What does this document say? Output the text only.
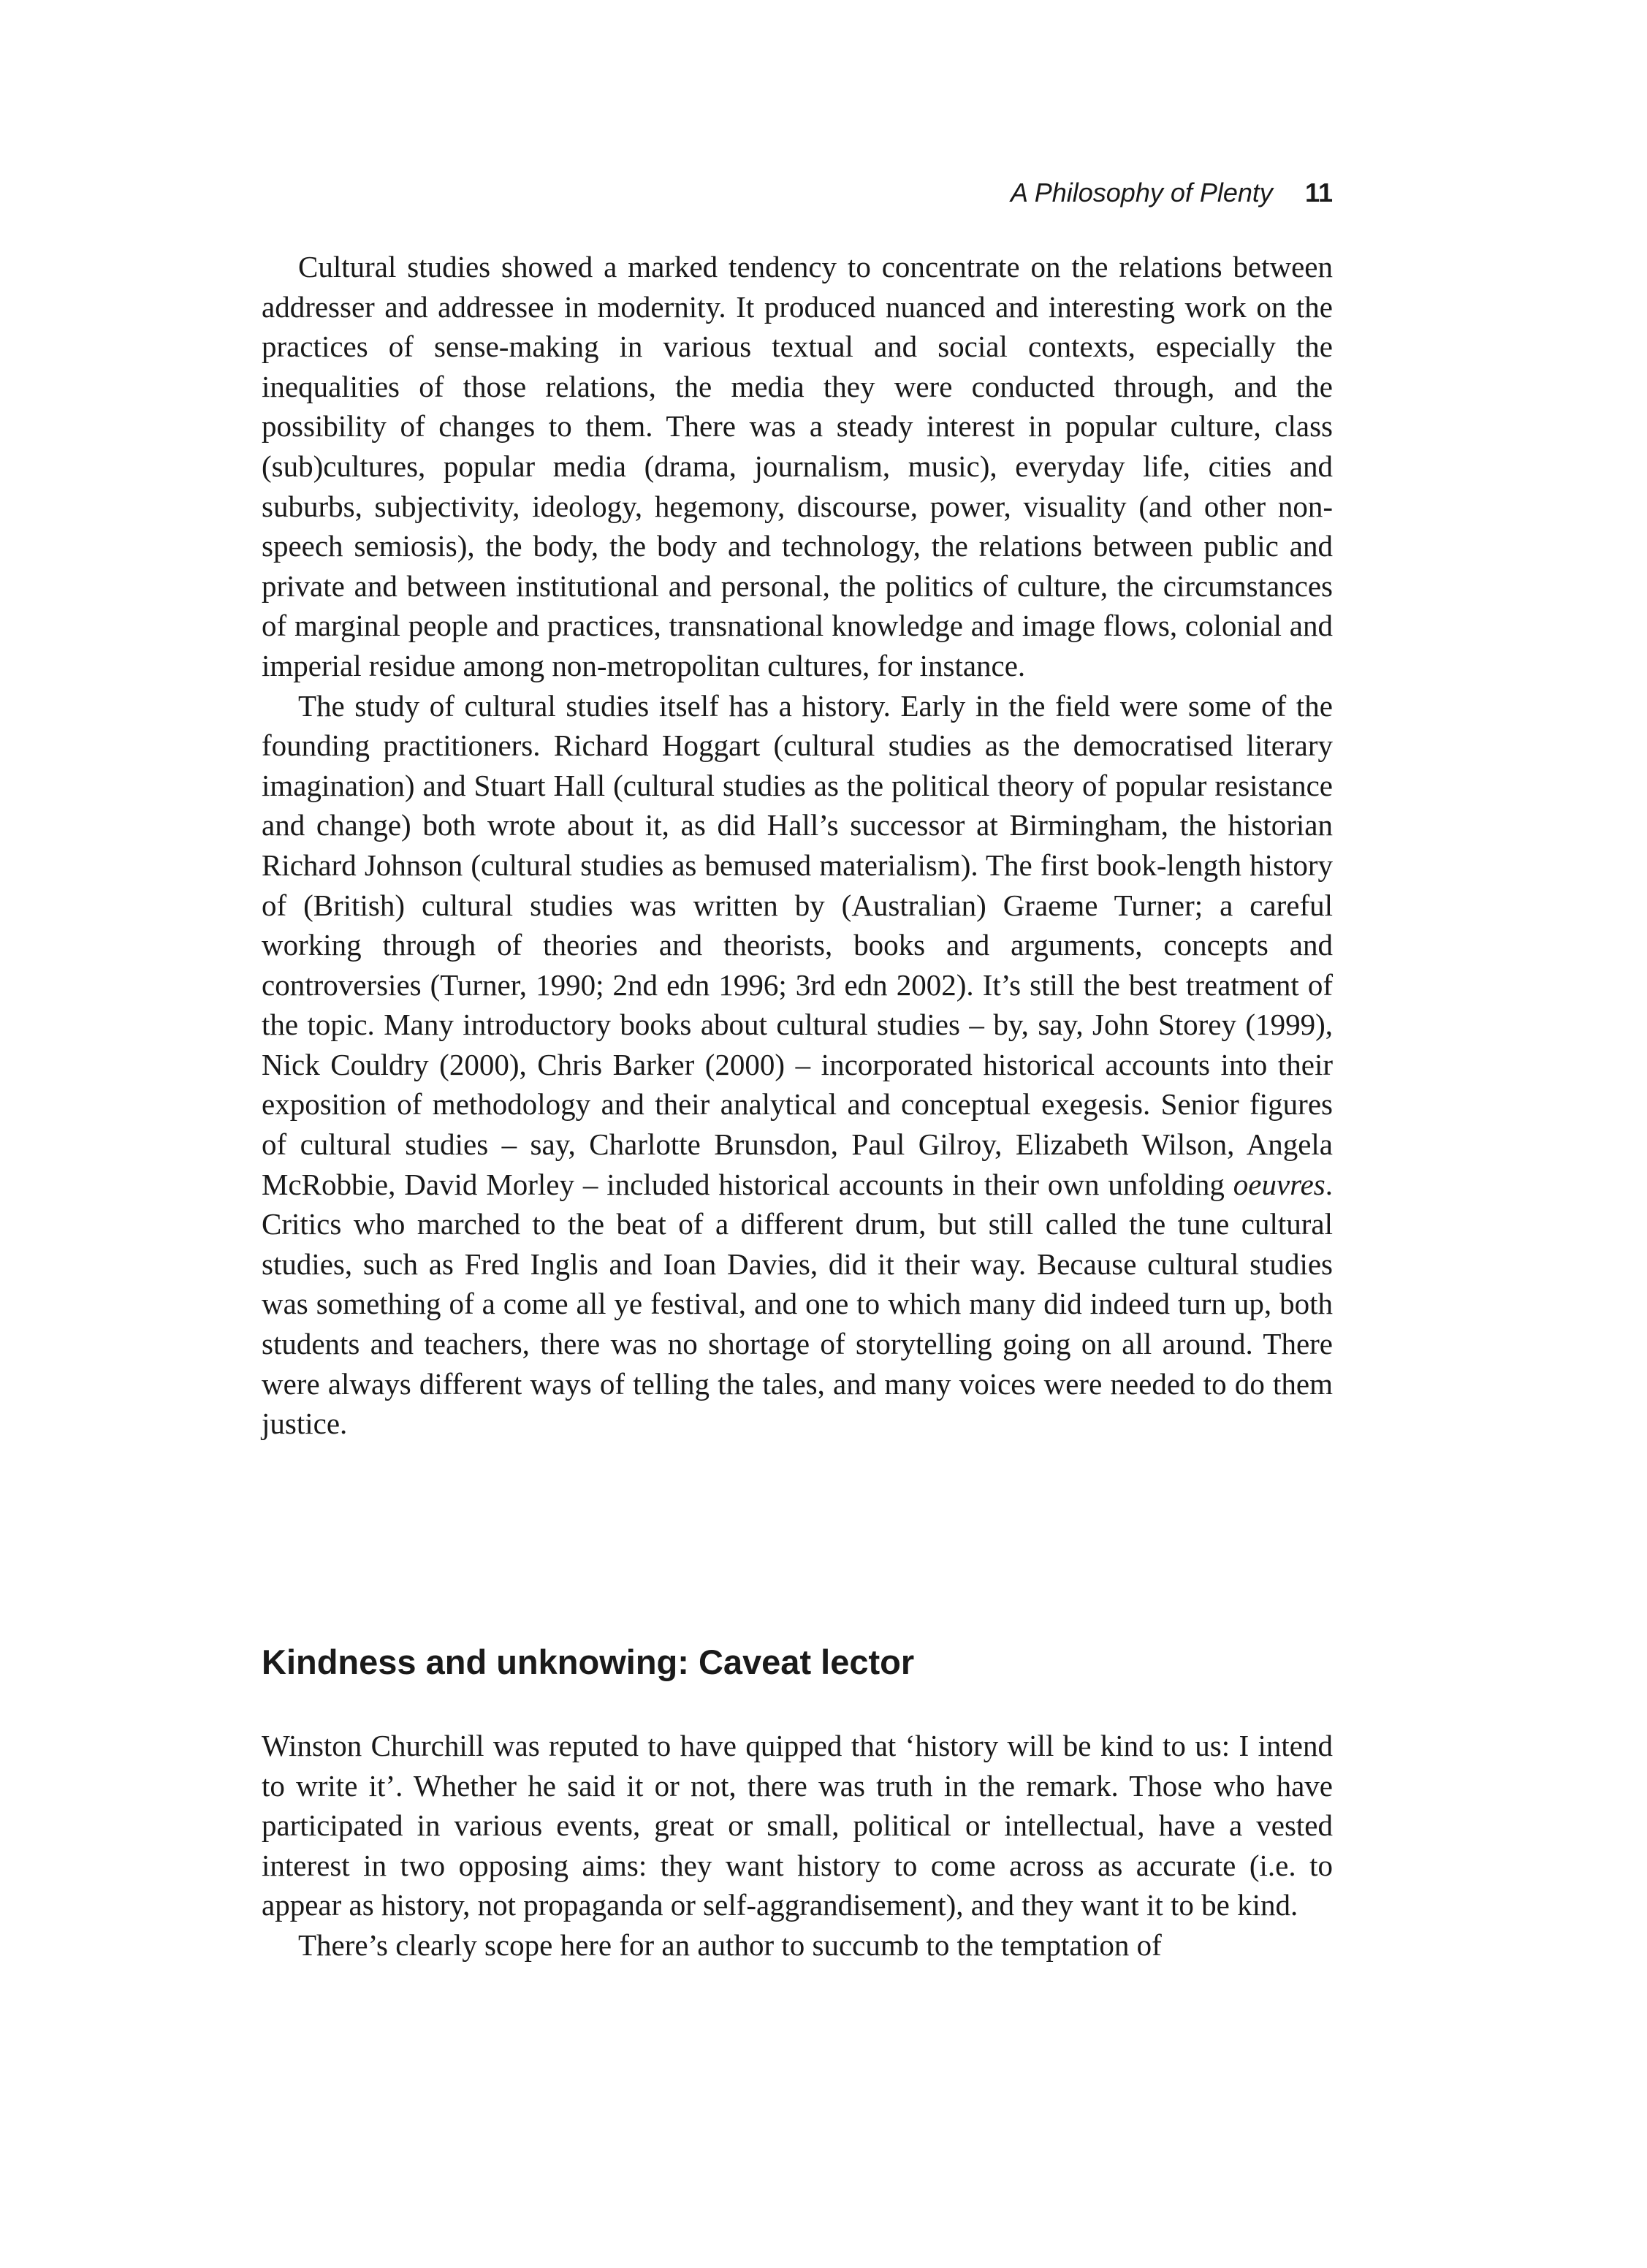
A Philosophy of Plenty 11

Cultural studies showed a marked tendency to concentrate on the relations between addresser and addressee in modernity. It produced nuanced and interesting work on the practices of sense-making in various textual and social contexts, especially the inequalities of those relations, the media they were conducted through, and the possibility of changes to them. There was a steady interest in popular culture, class (sub)cultures, popular media (drama, journalism, music), everyday life, cities and suburbs, subjectivity, ideology, hegemony, discourse, power, visuality (and other non-speech semiosis), the body, the body and technology, the relations between public and private and between institutional and personal, the politics of culture, the circumstances of marginal people and practices, transnational knowledge and image flows, colonial and imperial residue among non-metropolitan cultures, for instance.

The study of cultural studies itself has a history. Early in the field were some of the founding practitioners. Richard Hoggart (cultural studies as the democratised literary imagination) and Stuart Hall (cultural studies as the political theory of popular resistance and change) both wrote about it, as did Hall’s successor at Birmingham, the historian Richard Johnson (cultural studies as bemused materialism). The first book-length history of (British) cultural studies was written by (Australian) Graeme Turner; a careful working through of theories and theorists, books and arguments, concepts and controversies (Turner, 1990; 2nd edn 1996; 3rd edn 2002). It’s still the best treatment of the topic. Many introductory books about cultural studies – by, say, John Storey (1999), Nick Couldry (2000), Chris Barker (2000) – incorporated historical accounts into their exposition of methodology and their analytical and conceptual exegesis. Senior figures of cultural studies – say, Charlotte Brunsdon, Paul Gilroy, Elizabeth Wilson, Angela McRobbie, David Morley – included historical accounts in their own unfolding oeuvres. Critics who marched to the beat of a different drum, but still called the tune cultural studies, such as Fred Inglis and Ioan Davies, did it their way. Because cultural studies was something of a come all ye festival, and one to which many did indeed turn up, both students and teachers, there was no shortage of storytelling going on all around. There were always different ways of telling the tales, and many voices were needed to do them justice.

Kindness and unknowing: Caveat lector

Winston Churchill was reputed to have quipped that ‘history will be kind to us: I intend to write it’. Whether he said it or not, there was truth in the remark. Those who have participated in various events, great or small, political or intellectual, have a vested interest in two opposing aims: they want history to come across as accurate (i.e. to appear as history, not propaganda or self-aggrandisement), and they want it to be kind.

There’s clearly scope here for an author to succumb to the temptation of
